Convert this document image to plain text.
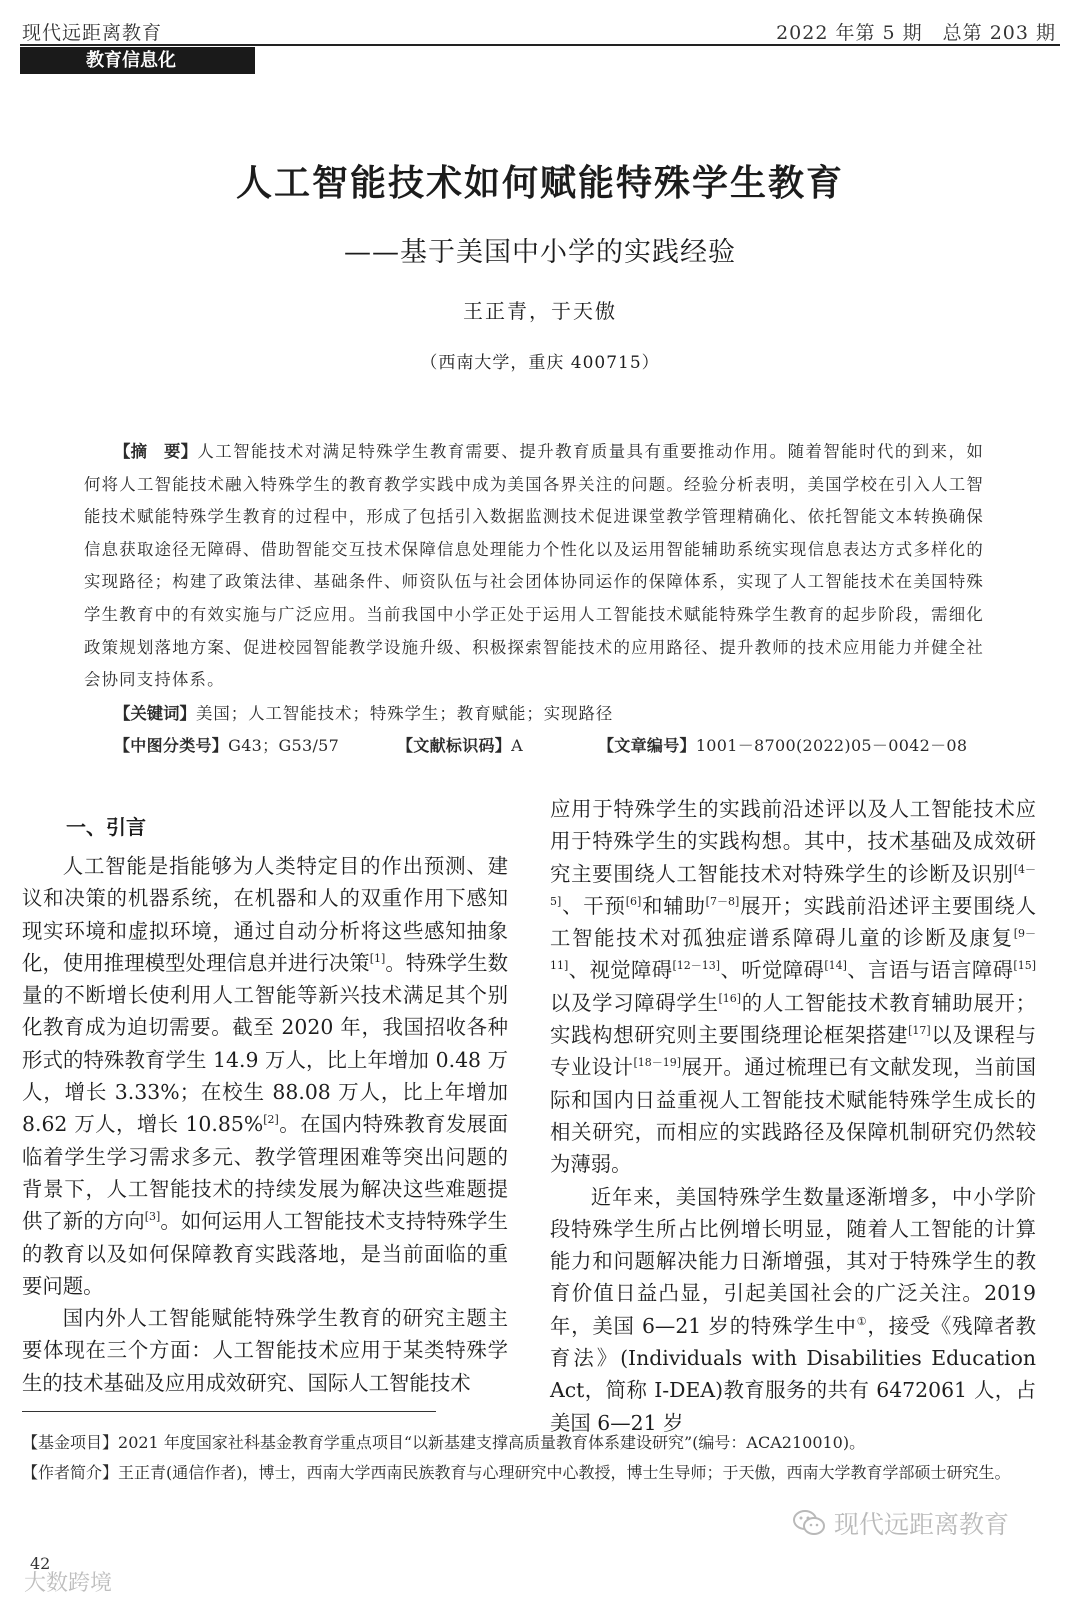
现代远距离教育	2022 年第 5 期　总第 203 期
教育信息化
人工智能技术如何赋能特殊学生教育
——基于美国中小学的实践经验
王正青，于天傲
（西南大学，重庆 400715）
【摘　要】人工智能技术对满足特殊学生教育需要、提升教育质量具有重要推动作用。随着智能时代的到来，如何将人工智能技术融入特殊学生的教育教学实践中成为美国各界关注的问题。经验分析表明，美国学校在引入人工智能技术赋能特殊学生教育的过程中，形成了包括引入数据监测技术促进课堂教学管理精确化、依托智能文本转换确保信息获取途径无障碍、借助智能交互技术保障信息处理能力个性化以及运用智能辅助系统实现信息表达方式多样化的实现路径；构建了政策法律、基础条件、师资队伍与社会团体协同运作的保障体系，实现了人工智能技术在美国特殊学生教育中的有效实施与广泛应用。当前我国中小学正处于运用人工智能技术赋能特殊学生教育的起步阶段，需细化政策规划落地方案、促进校园智能教学设施升级、积极探索智能技术的应用路径、提升教师的技术应用能力并健全社会协同支持体系。
【关键词】美国；人工智能技术；特殊学生；教育赋能；实现路径
【中图分类号】G43；G53/57	【文献标识码】A	【文章编号】1001－8700(2022)05－0042－08
一、引言

人工智能是指能够为人类特定目的作出预测、建议和决策的机器系统，在机器和人的双重作用下感知现实环境和虚拟环境，通过自动分析将这些感知抽象化，使用推理模型处理信息并进行决策[1]。特殊学生数量的不断增长使利用人工智能等新兴技术满足其个别化教育成为迫切需要。截至 2020 年，我国招收各种形式的特殊教育学生 14.9 万人，比上年增加 0.48 万人，增长 3.33%；在校生 88.08 万人，比上年增加 8.62 万人，增长 10.85%[2]。在国内特殊教育发展面临着学生学习需求多元、教学管理困难等突出问题的背景下，人工智能技术的持续发展为解决这些难题提供了新的方向[3]。如何运用人工智能技术支持特殊学生的教育以及如何保障教育实践落地，是当前面临的重要问题。

国内外人工智能赋能特殊学生教育的研究主题主要体现在三个方面：人工智能技术应用于某类特殊学生的技术基础及应用成效研究、国际人工智能技术

应用于特殊学生的实践前沿述评以及人工智能技术应用于特殊学生的实践构想。其中，技术基础及成效研究主要围绕人工智能技术对特殊学生的诊断及识别[4－5]、干预[6]和辅助[7－8]展开；实践前沿述评主要围绕人工智能技术对孤独症谱系障碍儿童的诊断及康复[9－11]、视觉障碍[12－13]、听觉障碍[14]、言语与语言障碍[15]以及学习障碍学生[16]的人工智能技术教育辅助展开；实践构想研究则主要围绕理论框架搭建[17]以及课程与专业设计[18－19]展开。通过梳理已有文献发现，当前国际和国内日益重视人工智能技术赋能特殊学生成长的相关研究，而相应的实践路径及保障机制研究仍然较为薄弱。

近年来，美国特殊学生数量逐渐增多，中小学阶段特殊学生所占比例增长明显，随着人工智能的计算能力和问题解决能力日渐增强，其对于特殊学生的教育价值日益凸显，引起美国社会的广泛关注。2019年，美国 6—21 岁的特殊学生中①，接受《残障者教育法》(Individuals with Disabilities Education Act，简称 I-DEA)教育服务的共有 6472061 人，占美国 6—21 岁

【基金项目】2021 年度国家社科基金教育学重点项目“以新基建支撑高质量教育体系建设研究”(编号：ACA210010)。

【作者简介】王正青(通信作者)，博士，西南大学西南民族教育与心理研究中心教授，博士生导师；于天傲，西南大学教育学部硕士研究生。

42
大数跨境
现代远距离教育
